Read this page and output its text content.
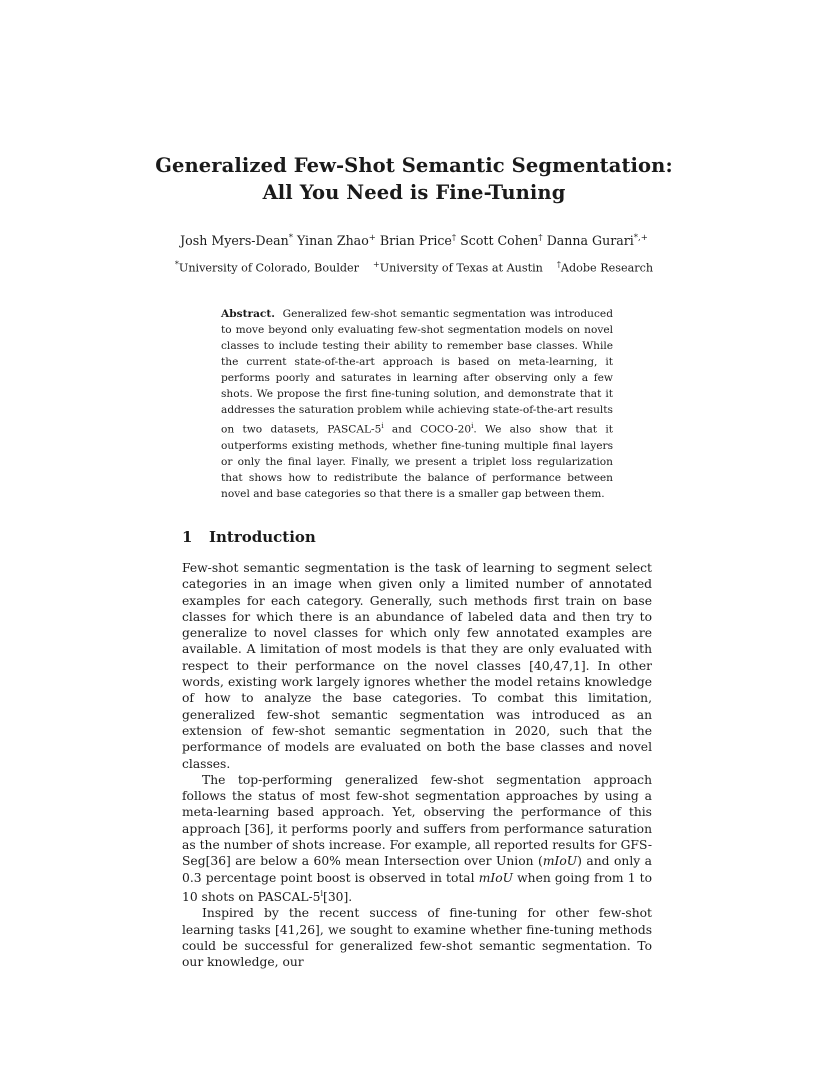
Generalized Few-Shot Semantic Segmentation:
All You Need is Fine-Tuning
Josh Myers-Dean* Yinan Zhao+ Brian Price† Scott Cohen† Danna Gurari*,+
*University of Colorado, Boulder +University of Texas at Austin †Adobe Research
Abstract. Generalized few-shot semantic segmentation was introduced to move beyond only evaluating few-shot segmentation models on novel classes to include testing their ability to remember base classes. While the current state-of-the-art approach is based on meta-learning, it performs poorly and saturates in learning after observing only a few shots. We propose the first fine-tuning solution, and demonstrate that it addresses the saturation problem while achieving state-of-the-art results on two datasets, PASCAL-5$^i$ and COCO-20$^i$. We also show that it outperforms existing methods, whether fine-tuning multiple final layers or only the final layer. Finally, we present a triplet loss regularization that shows how to redistribute the balance of performance between novel and base categories so that there is a smaller gap between them.
1 Introduction

Few-shot semantic segmentation is the task of learning to segment select categories in an image when given only a limited number of annotated examples for each category. Generally, such methods first train on base classes for which there is an abundance of labeled data and then try to generalize to novel classes for which only few annotated examples are available. A limitation of most models is that they are only evaluated with respect to their performance on the novel classes [40,47,1]. In other words, existing work largely ignores whether the model retains knowledge of how to analyze the base categories. To combat this limitation, generalized few-shot semantic segmentation was introduced as an extension of few-shot semantic segmentation in 2020, such that the performance of models are evaluated on both the base classes and novel classes.

The top-performing generalized few-shot segmentation approach follows the status of most few-shot segmentation approaches by using a meta-learning based approach. Yet, observing the performance of this approach [36], it performs poorly and suffers from performance saturation as the number of shots increase. For example, all reported results for GFS-Seg[36] are below a 60% mean Intersection over Union (mIoU) and only a 0.3 percentage point boost is observed in total mIoU when going from 1 to 10 shots on PASCAL-5$^i$[30].

Inspired by the recent success of fine-tuning for other few-shot learning tasks [41,26], we sought to examine whether fine-tuning methods could be successful for generalized few-shot semantic segmentation. To our knowledge, our
